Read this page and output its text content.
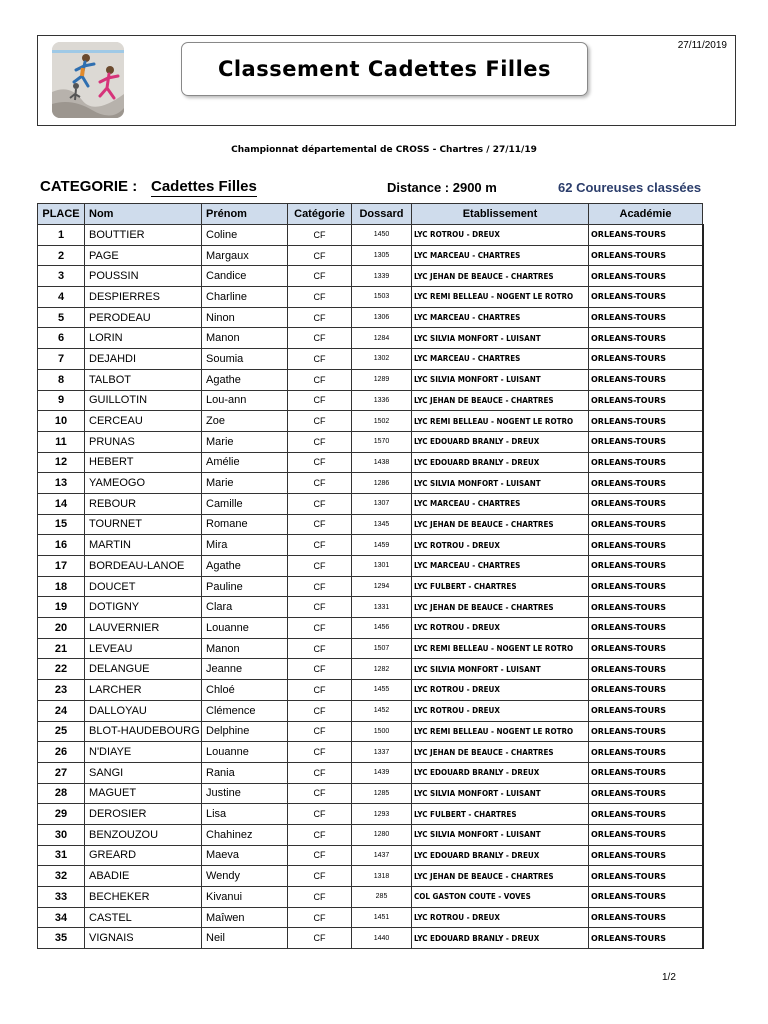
Classement Cadettes Filles
27/11/2019
Championnat départemental de CROSS - Chartres / 27/11/19
CATEGORIE : Cadettes Filles	Distance : 2900 m	62 Coureuses classées
PLACE	Nom	Prénom	Catégorie	Dossard	Etablissement	Académie
1	BOUTTIER	Coline	CF	1450	LYC ROTROU - DREUX	ORLEANS-TOURS
2	PAGE	Margaux	CF	1305	LYC MARCEAU - CHARTRES	ORLEANS-TOURS
3	POUSSIN	Candice	CF	1339	LYC JEHAN DE BEAUCE - CHARTRES	ORLEANS-TOURS
4	DESPIERRES	Charline	CF	1503	LYC REMI BELLEAU - NOGENT LE ROTRO	ORLEANS-TOURS
5	PERODEAU	Ninon	CF	1306	LYC MARCEAU - CHARTRES	ORLEANS-TOURS
6	LORIN	Manon	CF	1284	LYC SILVIA MONFORT - LUISANT	ORLEANS-TOURS
7	DEJAHDI	Soumia	CF	1302	LYC MARCEAU - CHARTRES	ORLEANS-TOURS
8	TALBOT	Agathe	CF	1289	LYC SILVIA MONFORT - LUISANT	ORLEANS-TOURS
9	GUILLOTIN	Lou-ann	CF	1336	LYC JEHAN DE BEAUCE - CHARTRES	ORLEANS-TOURS
10	CERCEAU	Zoe	CF	1502	LYC REMI BELLEAU - NOGENT LE ROTRO	ORLEANS-TOURS
11	PRUNAS	Marie	CF	1570	LYC EDOUARD BRANLY - DREUX	ORLEANS-TOURS
12	HEBERT	Amélie	CF	1438	LYC EDOUARD BRANLY - DREUX	ORLEANS-TOURS
13	YAMEOGO	Marie	CF	1286	LYC SILVIA MONFORT - LUISANT	ORLEANS-TOURS
14	REBOUR	Camille	CF	1307	LYC MARCEAU - CHARTRES	ORLEANS-TOURS
15	TOURNET	Romane	CF	1345	LYC JEHAN DE BEAUCE - CHARTRES	ORLEANS-TOURS
16	MARTIN	Mira	CF	1459	LYC ROTROU - DREUX	ORLEANS-TOURS
17	BORDEAU-LANOE	Agathe	CF	1301	LYC MARCEAU - CHARTRES	ORLEANS-TOURS
18	DOUCET	Pauline	CF	1294	LYC FULBERT - CHARTRES	ORLEANS-TOURS
19	DOTIGNY	Clara	CF	1331	LYC JEHAN DE BEAUCE - CHARTRES	ORLEANS-TOURS
20	LAUVERNIER	Louanne	CF	1456	LYC ROTROU - DREUX	ORLEANS-TOURS
21	LEVEAU	Manon	CF	1507	LYC REMI BELLEAU - NOGENT LE ROTRO	ORLEANS-TOURS
22	DELANGUE	Jeanne	CF	1282	LYC SILVIA MONFORT - LUISANT	ORLEANS-TOURS
23	LARCHER	Chloé	CF	1455	LYC ROTROU - DREUX	ORLEANS-TOURS
24	DALLOYAU	Clémence	CF	1452	LYC ROTROU - DREUX	ORLEANS-TOURS
25	BLOT-HAUDEBOURG	Delphine	CF	1500	LYC REMI BELLEAU - NOGENT LE ROTRO	ORLEANS-TOURS
26	N'DIAYE	Louanne	CF	1337	LYC JEHAN DE BEAUCE - CHARTRES	ORLEANS-TOURS
27	SANGI	Rania	CF	1439	LYC EDOUARD BRANLY - DREUX	ORLEANS-TOURS
28	MAGUET	Justine	CF	1285	LYC SILVIA MONFORT - LUISANT	ORLEANS-TOURS
29	DEROSIER	Lisa	CF	1293	LYC FULBERT - CHARTRES	ORLEANS-TOURS
30	BENZOUZOU	Chahinez	CF	1280	LYC SILVIA MONFORT - LUISANT	ORLEANS-TOURS
31	GREARD	Maeva	CF	1437	LYC EDOUARD BRANLY - DREUX	ORLEANS-TOURS
32	ABADIE	Wendy	CF	1318	LYC JEHAN DE BEAUCE - CHARTRES	ORLEANS-TOURS
33	BECHEKER	Kivanui	CF	285	COL GASTON COUTE - VOVES	ORLEANS-TOURS
34	CASTEL	Maîwen	CF	1451	LYC ROTROU - DREUX	ORLEANS-TOURS
35	VIGNAIS	Neil	CF	1440	LYC EDOUARD BRANLY - DREUX	ORLEANS-TOURS
1/2
